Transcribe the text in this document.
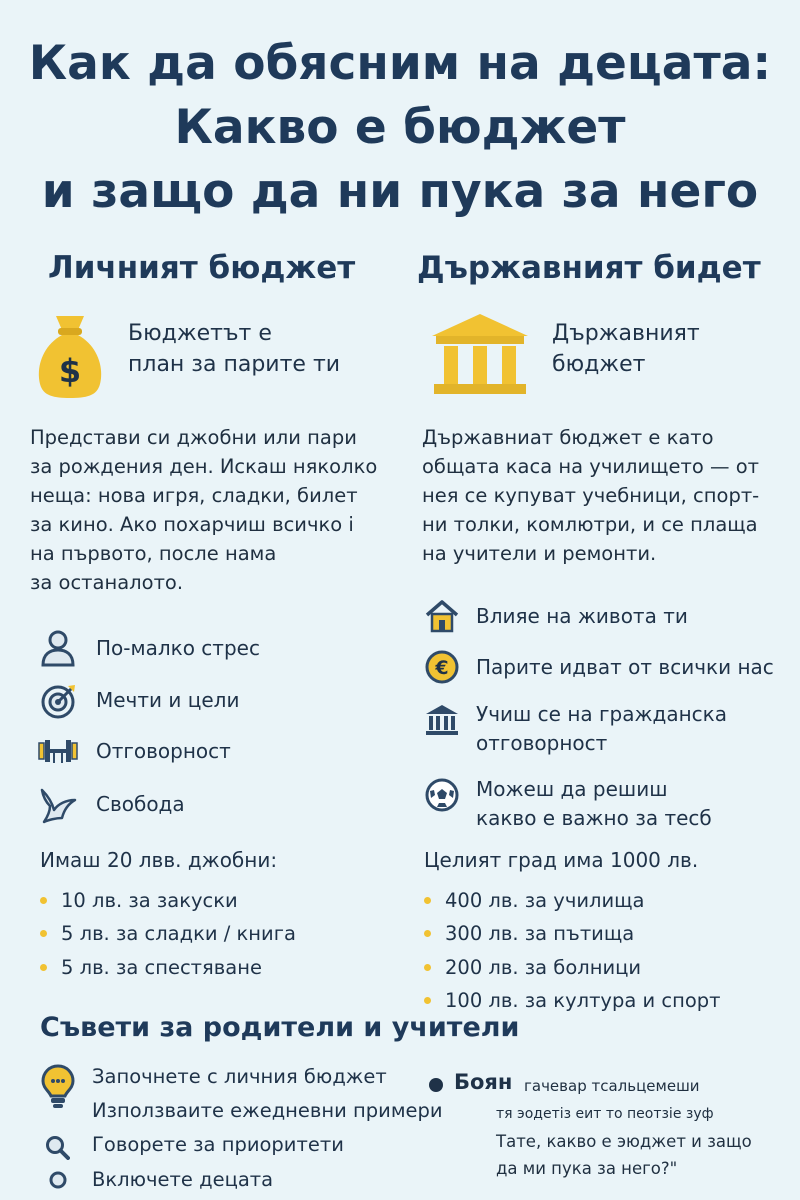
Как да обясним на децата:
Какво е бюджет
и защо да ни пука за него
Личният бюджет
$
Бюджетът е
план за парите ти
Представи си джобни или пари
за рождения ден. Искаш няколко
неща: нова игря, сладки, билет
за кино. Ако похарчиш всичко і
на първото, после нама
за останалото.
По-малко стрес
Мечти и цели
Отговорност
Свобода
Имаш 20 лвв. джобни:
10 лв. за закуски
5 лв. за сладки / книга
5 лв. за спестяване
Държавният бидет
Държавният
бюджет
Държавниат бюджет е като
общата каса на училището — от
нея се купуват учебници, спорт-
ни толки, комлютри, и се плаща
на учители и ремонти.
Влияе на живота ти
€ Парите идват от всички нас
Учиш се на гражданска
отговорност
Можеш да решиш
какво е важно за тесб
Целият град има 1000 лв.
400 лв. за училища
300 лв. за пътища
200 лв. за болници
100 лв. за култура и спорт
Съвети за родители и учители
Започнете с личния бюджет
Използваите ежедневни примери
Говорете за приоритети
Включете децата
Боян гачевар тсальцемеши
тя эодетіз еит то пеотзіе зуф
Тате, какво е эюджет и защо
да ми пука за него?"
